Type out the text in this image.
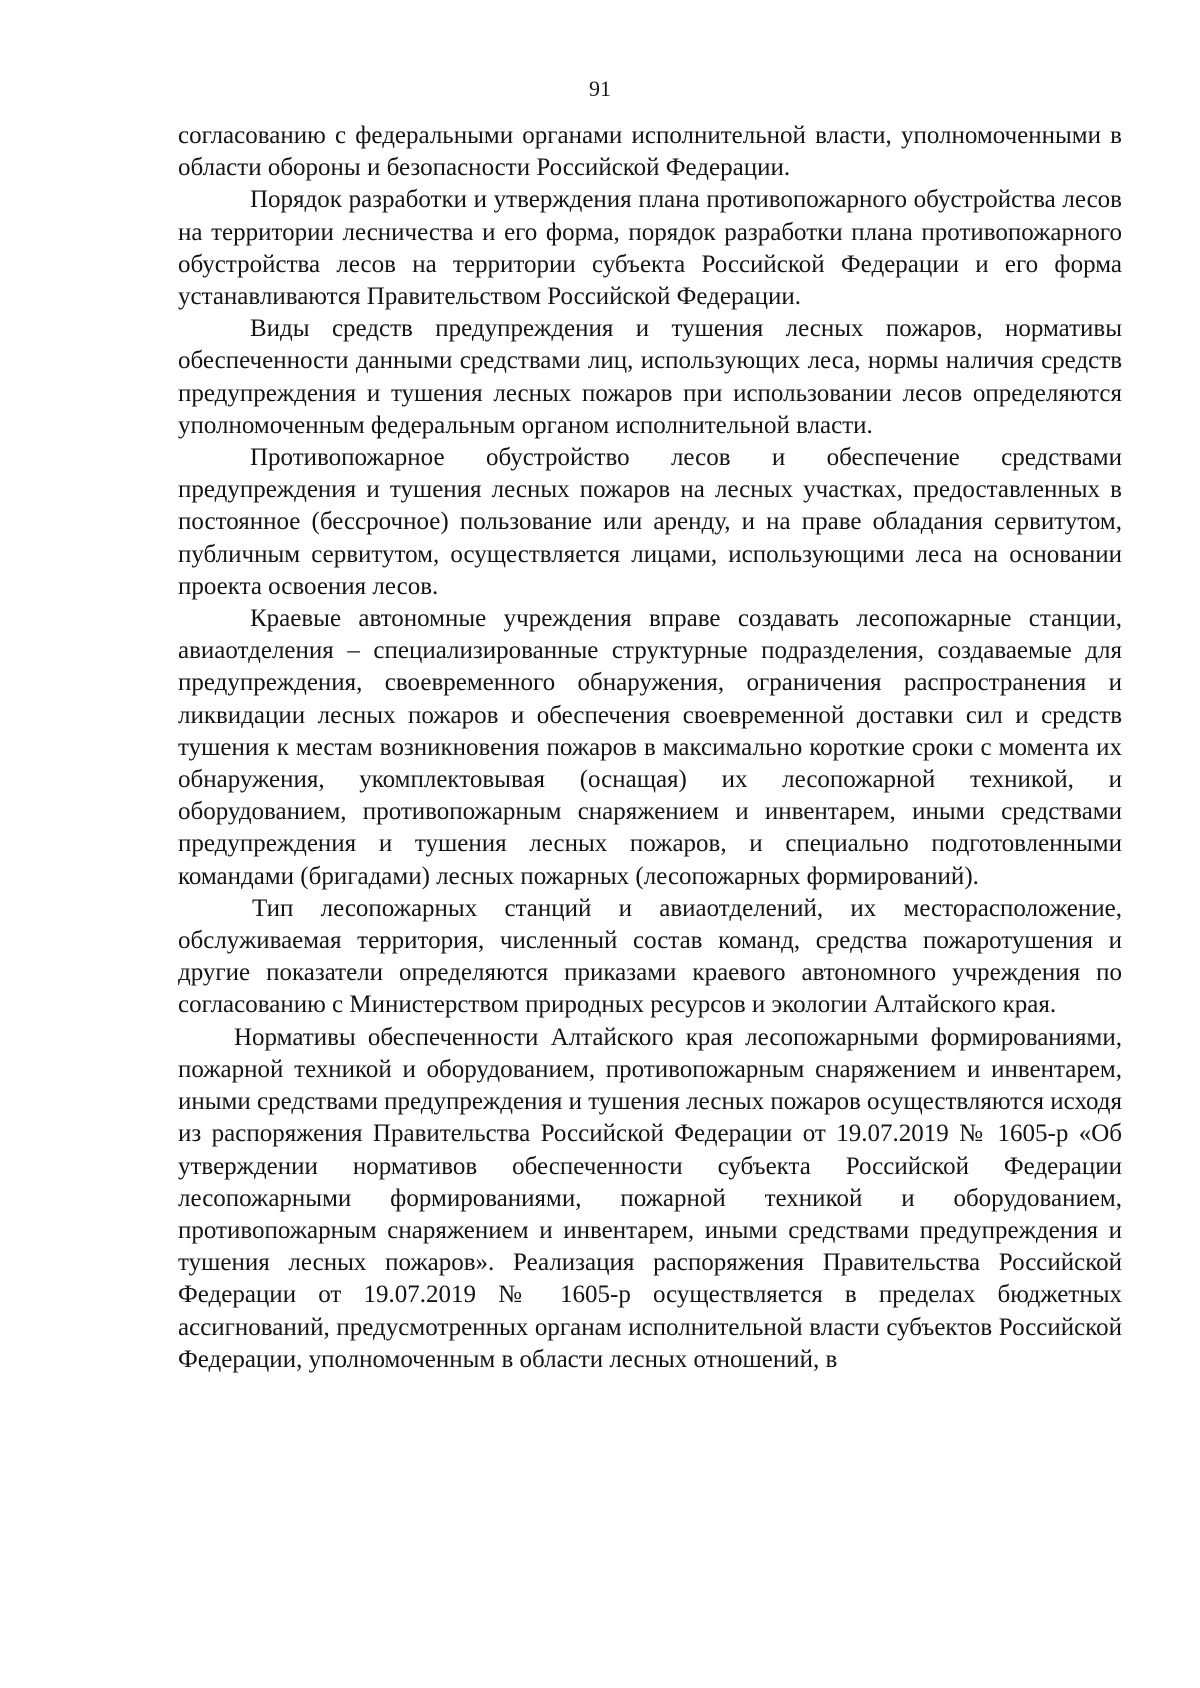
91

согласованию с федеральными органами исполнительной власти, уполномоченными в области обороны и безопасности Российской Федерации.

Порядок разработки и утверждения плана противопожарного обустройства лесов на территории лесничества и его форма, порядок разработки плана противопожарного обустройства лесов на территории субъекта Российской Федерации и его форма устанавливаются Правительством Российской Федерации.

Виды средств предупреждения и тушения лесных пожаров, нормативы обеспеченности данными средствами лиц, использующих леса, нормы наличия средств предупреждения и тушения лесных пожаров при использовании лесов определяются уполномоченным федеральным органом исполнительной власти.

Противопожарное обустройство лесов и обеспечение средствами предупреждения и тушения лесных пожаров на лесных участках, предоставленных в постоянное (бессрочное) пользование или аренду, и на праве обладания сервитутом, публичным сервитутом, осуществляется лицами, использующими леса на основании проекта освоения лесов.

Краевые автономные учреждения вправе создавать лесопожарные станции, авиаотделения – специализированные структурные подразделения, создаваемые для предупреждения, своевременного обнаружения, ограничения распространения и ликвидации лесных пожаров и обеспечения своевременной доставки сил и средств тушения к местам возникновения пожаров в максимально короткие сроки с момента их обнаружения, укомплектовывая (оснащая) их лесопожарной техникой, и оборудованием, противопожарным снаряжением и инвентарем, иными средствами предупреждения и тушения лесных пожаров, и специально подготовленными командами (бригадами) лесных пожарных (лесопожарных формирований).

Тип лесопожарных станций и авиаотделений, их месторасположение, обслуживаемая территория, численный состав команд, средства пожаротушения и другие показатели определяются приказами краевого автономного учреждения по согласованию с Министерством природных ресурсов и экологии Алтайского края.

Нормативы обеспеченности Алтайского края лесопожарными формированиями, пожарной техникой и оборудованием, противопожарным снаряжением и инвентарем, иными средствами предупреждения и тушения лесных пожаров осуществляются исходя из распоряжения Правительства Российской Федерации от 19.07.2019 № 1605-р «Об утверждении нормативов обеспеченности субъекта Российской Федерации лесопожарными формированиями, пожарной техникой и оборудованием, противопожарным снаряжением и инвентарем, иными средствами предупреждения и тушения лесных пожаров». Реализация распоряжения Правительства Российской Федерации от 19.07.2019 № 1605-р осуществляется в пределах бюджетных ассигнований, предусмотренных органам исполнительной власти субъектов Российской Федерации, уполномоченным в области лесных отношений, в
